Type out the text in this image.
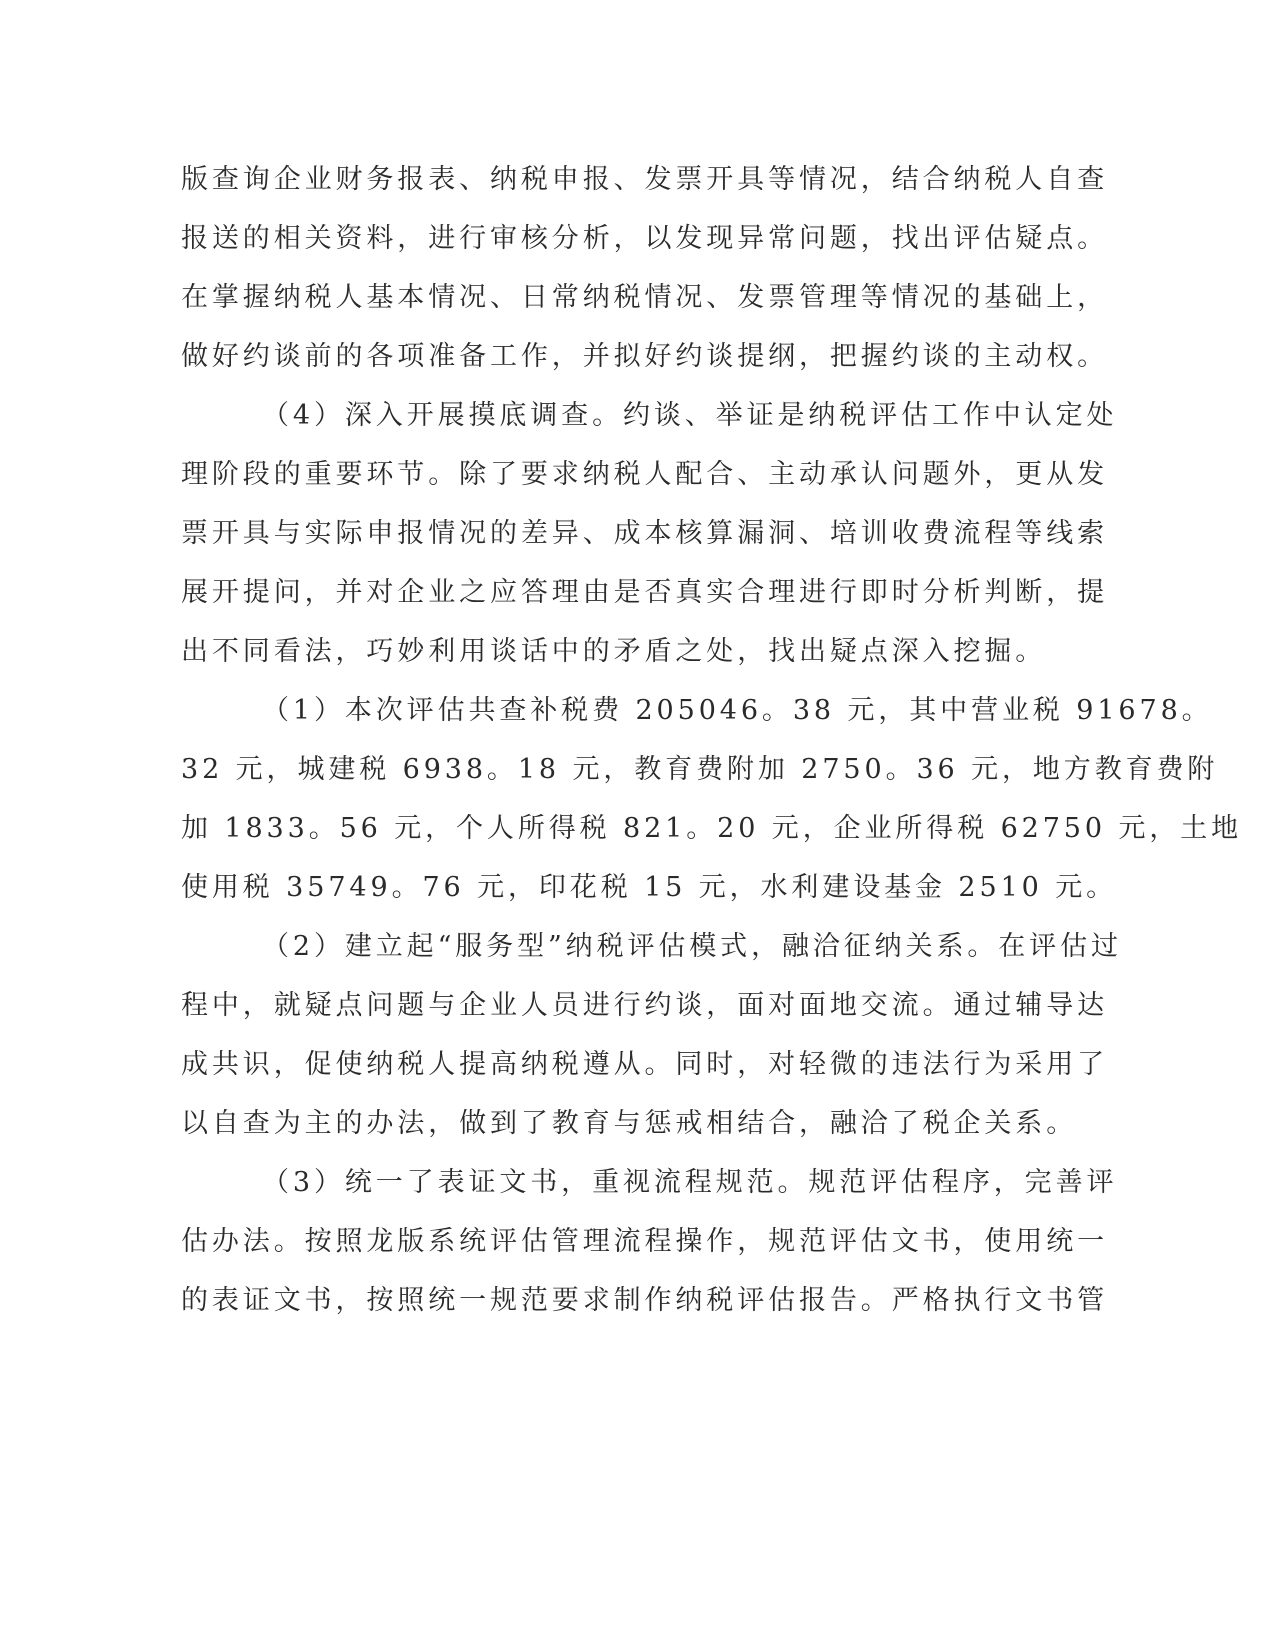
版查询企业财务报表、纳税申报、发票开具等情况，结合纳税人自查
报送的相关资料，进行审核分析，以发现异常问题，找出评估疑点。
在掌握纳税人基本情况、日常纳税情况、发票管理等情况的基础上，
做好约谈前的各项准备工作，并拟好约谈提纲，把握约谈的主动权。
（4）深入开展摸底调查。约谈、举证是纳税评估工作中认定处
理阶段的重要环节。除了要求纳税人配合、主动承认问题外，更从发
票开具与实际申报情况的差异、成本核算漏洞、培训收费流程等线索
展开提问，并对企业之应答理由是否真实合理进行即时分析判断，提
出不同看法，巧妙利用谈话中的矛盾之处，找出疑点深入挖掘。
（1）本次评估共查补税费 205046。38 元，其中营业税 91678。
32 元，城建税 6938。18 元，教育费附加 2750。36 元，地方教育费附
加 1833。56 元，个人所得税 821。20 元，企业所得税 62750 元，土地
使用税 35749。76 元，印花税 15 元，水利建设基金 2510 元。
（2）建立起“服务型”纳税评估模式，融洽征纳关系。在评估过
程中，就疑点问题与企业人员进行约谈，面对面地交流。通过辅导达
成共识，促使纳税人提高纳税遵从。同时，对轻微的违法行为采用了
以自查为主的办法，做到了教育与惩戒相结合，融洽了税企关系。
（3）统一了表证文书，重视流程规范。规范评估程序，完善评
估办法。按照龙版系统评估管理流程操作，规范评估文书，使用统一
的表证文书，按照统一规范要求制作纳税评估报告。严格执行文书管
